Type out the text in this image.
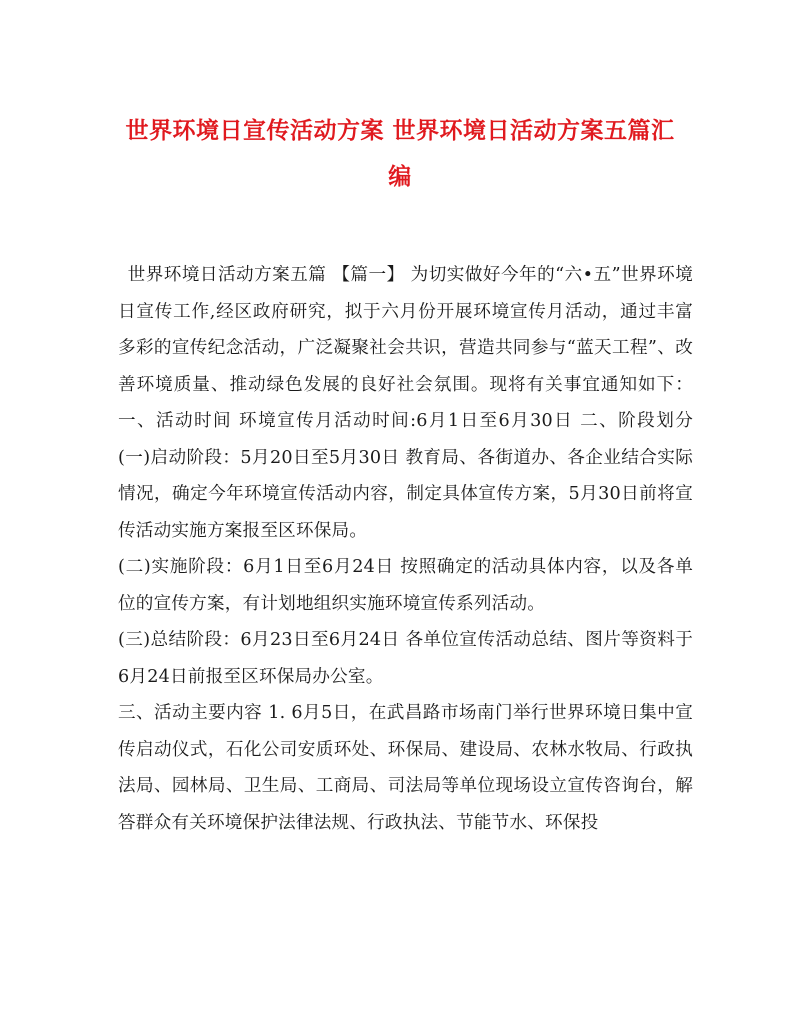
世界环境日宣传活动方案 世界环境日活动方案五篇汇
编

世界环境日活动方案五篇 【篇一】 为切实做好今年的“六•五”世界环境日宣传工作,经区政府研究，拟于六月份开展环境宣传月活动，通过丰富多彩的宣传纪念活动，广泛凝聚社会共识，营造共同参与“蓝天工程”、改善环境质量、推动绿色发展的良好社会氛围。现将有关事宜通知如下： 一、活动时间 环境宣传月活动时间:6月1日至6月30日 二、阶段划分 (一)启动阶段：5月20日至5月30日 教育局、各街道办、各企业结合实际情况，确定今年环境宣传活动内容，制定具体宣传方案，5月30日前将宣传活动实施方案报至区环保局。

(二)实施阶段：6月1日至6月24日 按照确定的活动具体内容，以及各单位的宣传方案，有计划地组织实施环境宣传系列活动。

(三)总结阶段：6月23日至6月24日 各单位宣传活动总结、图片等资料于6月24日前报至区环保局办公室。

三、活动主要内容 1. 6月5日，在武昌路市场南门举行世界环境日集中宣传启动仪式，石化公司安质环处、环保局、建设局、农林水牧局、行政执法局、园林局、卫生局、工商局、司法局等单位现场设立宣传咨询台，解答群众有关环境保护法律法规、行政执法、节能节水、环保投
